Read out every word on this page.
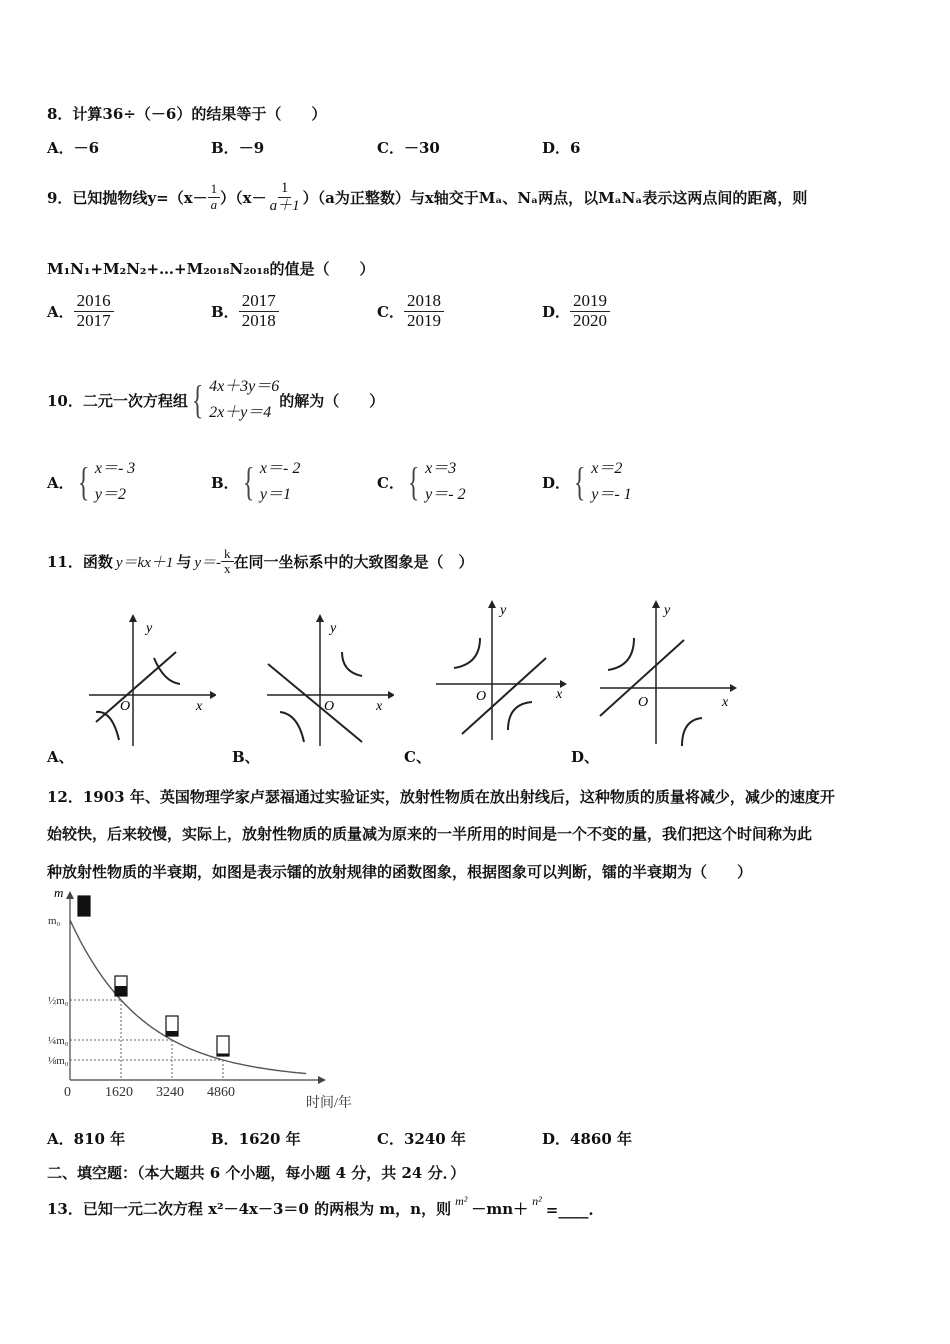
8．计算36÷（－6）的结果等于（　　）
A．－6	B．－9	C．－30	D．6
9．已知抛物线$y=(x- \frac{1}{a} )(x- \frac{1}{a+1} )(a$为正整数）与x轴交于Mₐ、Nₐ两点，以MₐNₐ表示这两点间的距离，则
M₁N₁+M₂N₂+…+M₂₀₁₈N₂₀₁₈的值是（　　）
A． $\frac{2016}{2017}$	B． $\frac{2017}{2018}$	C． $\frac{2018}{2019}$	D． $\frac{2019}{2020}$
10．二元一次方程组 { 4x＋3y＝6
2x＋y＝4
的解为（　　）
A． { x＝- 3
y＝2
B． { x＝- 2
y＝1
C． { x＝3
y＝- 2
D． { x＝2
y＝- 1
11．函数 y＝kx＋1 与 $y=- \frac{k}{x}$ 在同一坐标系中的大致图象是（　）
y
x
O
A、
y
x
O
B、
y
x
O
C、
y
x
O
D、
12．1903 年、英国物理学家卢瑟福通过实验证实，放射性物质在放出射线后，这种物质的质量将减少，减少的速度开
始较快，后来较慢，实际上，放射性物质的质量减为原来的一半所用的时间是一个不变的量，我们把这个时间称为此
种放射性物质的半衰期，如图是表示镭的放射规律的函数图象，根据图象可以判断，镭的半衰期为（　　）
m
时间/年
0 1620 3240 4860
m₀
½m₀
¼m₀
⅛m₀
A．810 年	B．1620 年	C．3240 年	D．4860 年
二、填空题：（本大题共 6 个小题，每小题 4 分，共 24 分．）
13．已知一元二次方程 x²－4x－3＝0 的两根为 m，n，则 m² －mn＋ n² =____.
